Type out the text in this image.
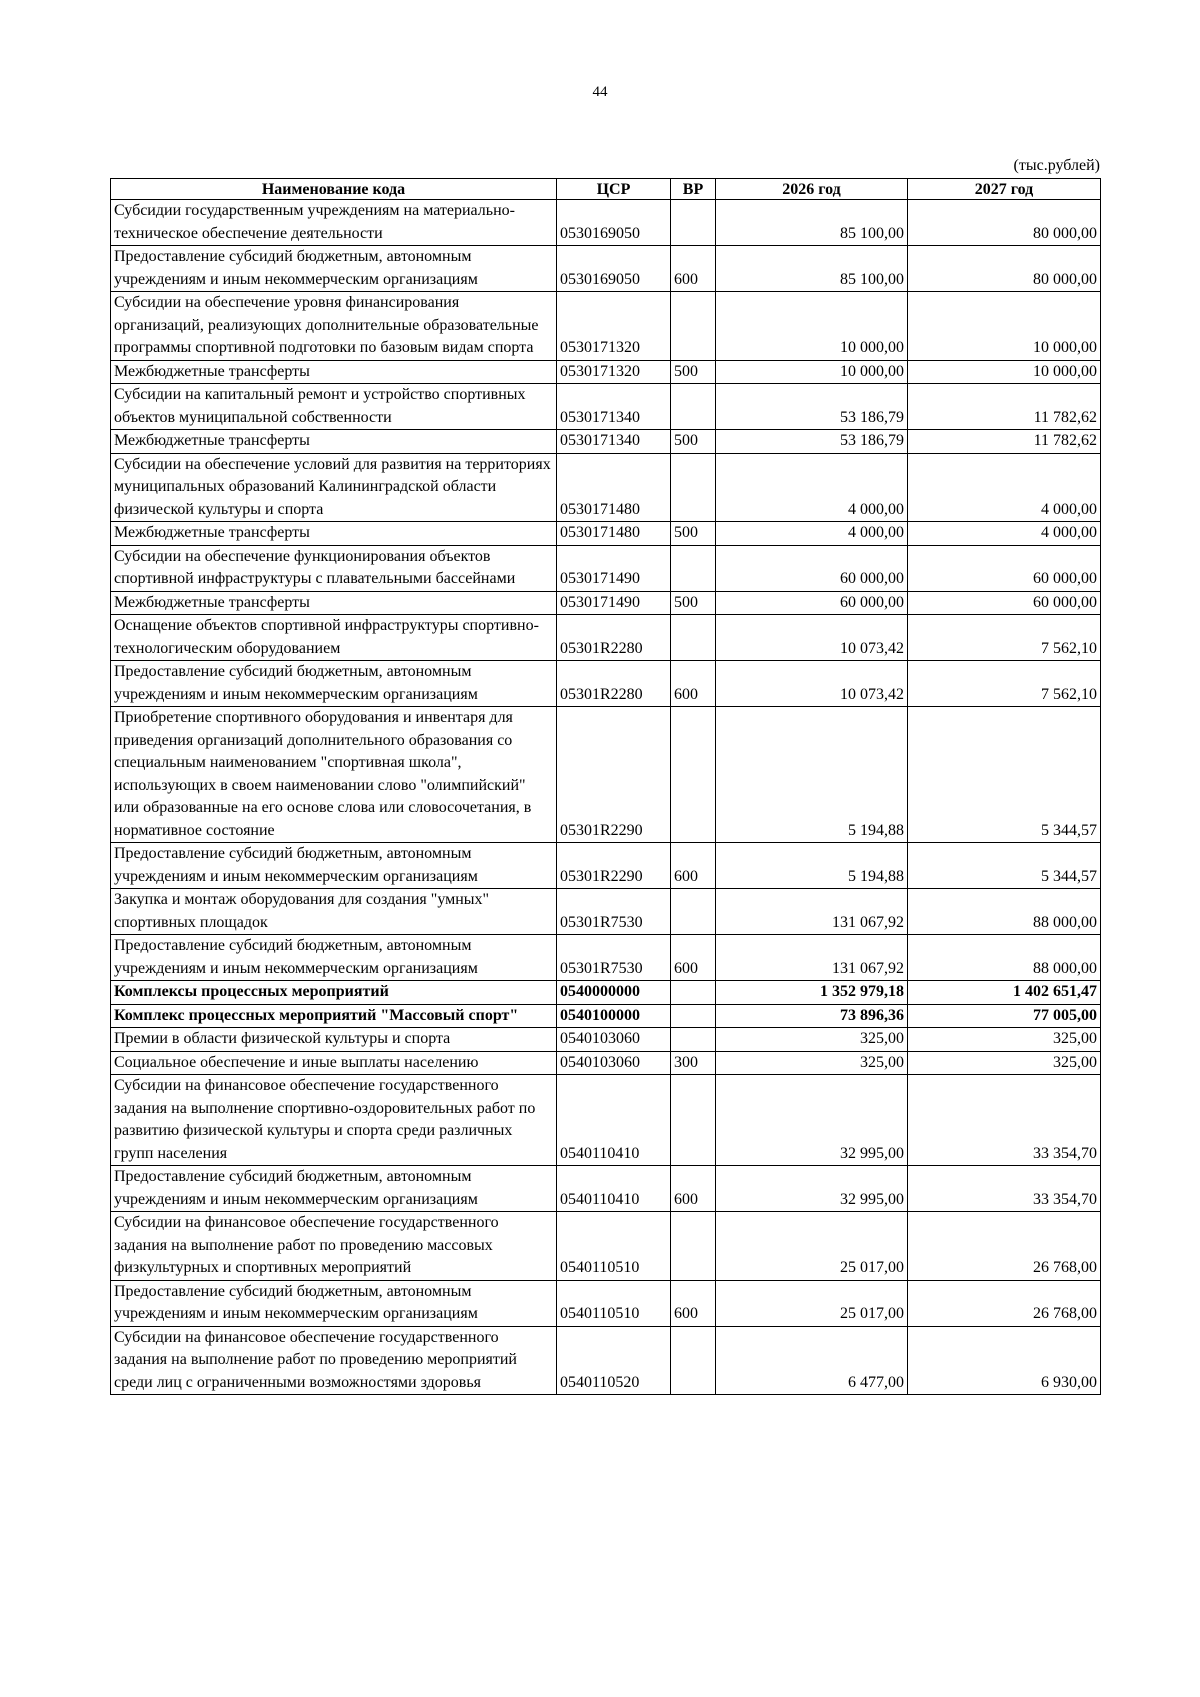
44
(тыс.рублей)
Наименование кода	ЦСР	ВР	2026 год	2027 год
Субсидии государственным учреждениям на материально-техническое обеспечение деятельности	0530169050		85 100,00	80 000,00
Предоставление субсидий бюджетным, автономным учреждениям и иным некоммерческим организациям	0530169050	600	85 100,00	80 000,00
Субсидии на обеспечение уровня финансирования организаций, реализующих дополнительные образовательные программы спортивной подготовки по базовым видам спорта	0530171320		10 000,00	10 000,00
Межбюджетные трансферты	0530171320	500	10 000,00	10 000,00
Субсидии на капитальный ремонт и устройство спортивных объектов муниципальной собственности	0530171340		53 186,79	11 782,62
Межбюджетные трансферты	0530171340	500	53 186,79	11 782,62
Субсидии на обеспечение условий для развития на территориях муниципальных образований Калининградской области физической культуры и спорта	0530171480		4 000,00	4 000,00
Межбюджетные трансферты	0530171480	500	4 000,00	4 000,00
Субсидии на обеспечение функционирования объектов спортивной инфраструктуры с плавательными бассейнами	0530171490		60 000,00	60 000,00
Межбюджетные трансферты	0530171490	500	60 000,00	60 000,00
Оснащение объектов спортивной инфраструктуры спортивно-технологическим оборудованием	05301R2280		10 073,42	7 562,10
Предоставление субсидий бюджетным, автономным учреждениям и иным некоммерческим организациям	05301R2280	600	10 073,42	7 562,10
Приобретение спортивного оборудования и инвентаря для приведения организаций дополнительного образования со специальным наименованием "спортивная школа", использующих в своем наименовании слово "олимпийский" или образованные на его основе слова или словосочетания, в нормативное состояние	05301R2290		5 194,88	5 344,57
Предоставление субсидий бюджетным, автономным учреждениям и иным некоммерческим организациям	05301R2290	600	5 194,88	5 344,57
Закупка и монтаж оборудования для создания "умных" спортивных площадок	05301R7530		131 067,92	88 000,00
Предоставление субсидий бюджетным, автономным учреждениям и иным некоммерческим организациям	05301R7530	600	131 067,92	88 000,00
Комплексы процессных мероприятий	0540000000		1 352 979,18	1 402 651,47
Комплекс процессных мероприятий "Массовый спорт"	0540100000		73 896,36	77 005,00
Премии в области физической культуры и спорта	0540103060		325,00	325,00
Социальное обеспечение и иные выплаты населению	0540103060	300	325,00	325,00
Субсидии на финансовое обеспечение государственного задания на выполнение спортивно-оздоровительных работ по развитию физической культуры и спорта среди различных групп населения	0540110410		32 995,00	33 354,70
Предоставление субсидий бюджетным, автономным учреждениям и иным некоммерческим организациям	0540110410	600	32 995,00	33 354,70
Субсидии на финансовое обеспечение государственного задания на выполнение работ по проведению массовых физкультурных и спортивных мероприятий	0540110510		25 017,00	26 768,00
Предоставление субсидий бюджетным, автономным учреждениям и иным некоммерческим организациям	0540110510	600	25 017,00	26 768,00
Субсидии на финансовое обеспечение государственного задания на выполнение работ по проведению мероприятий среди лиц с ограниченными возможностями здоровья	0540110520		6 477,00	6 930,00
